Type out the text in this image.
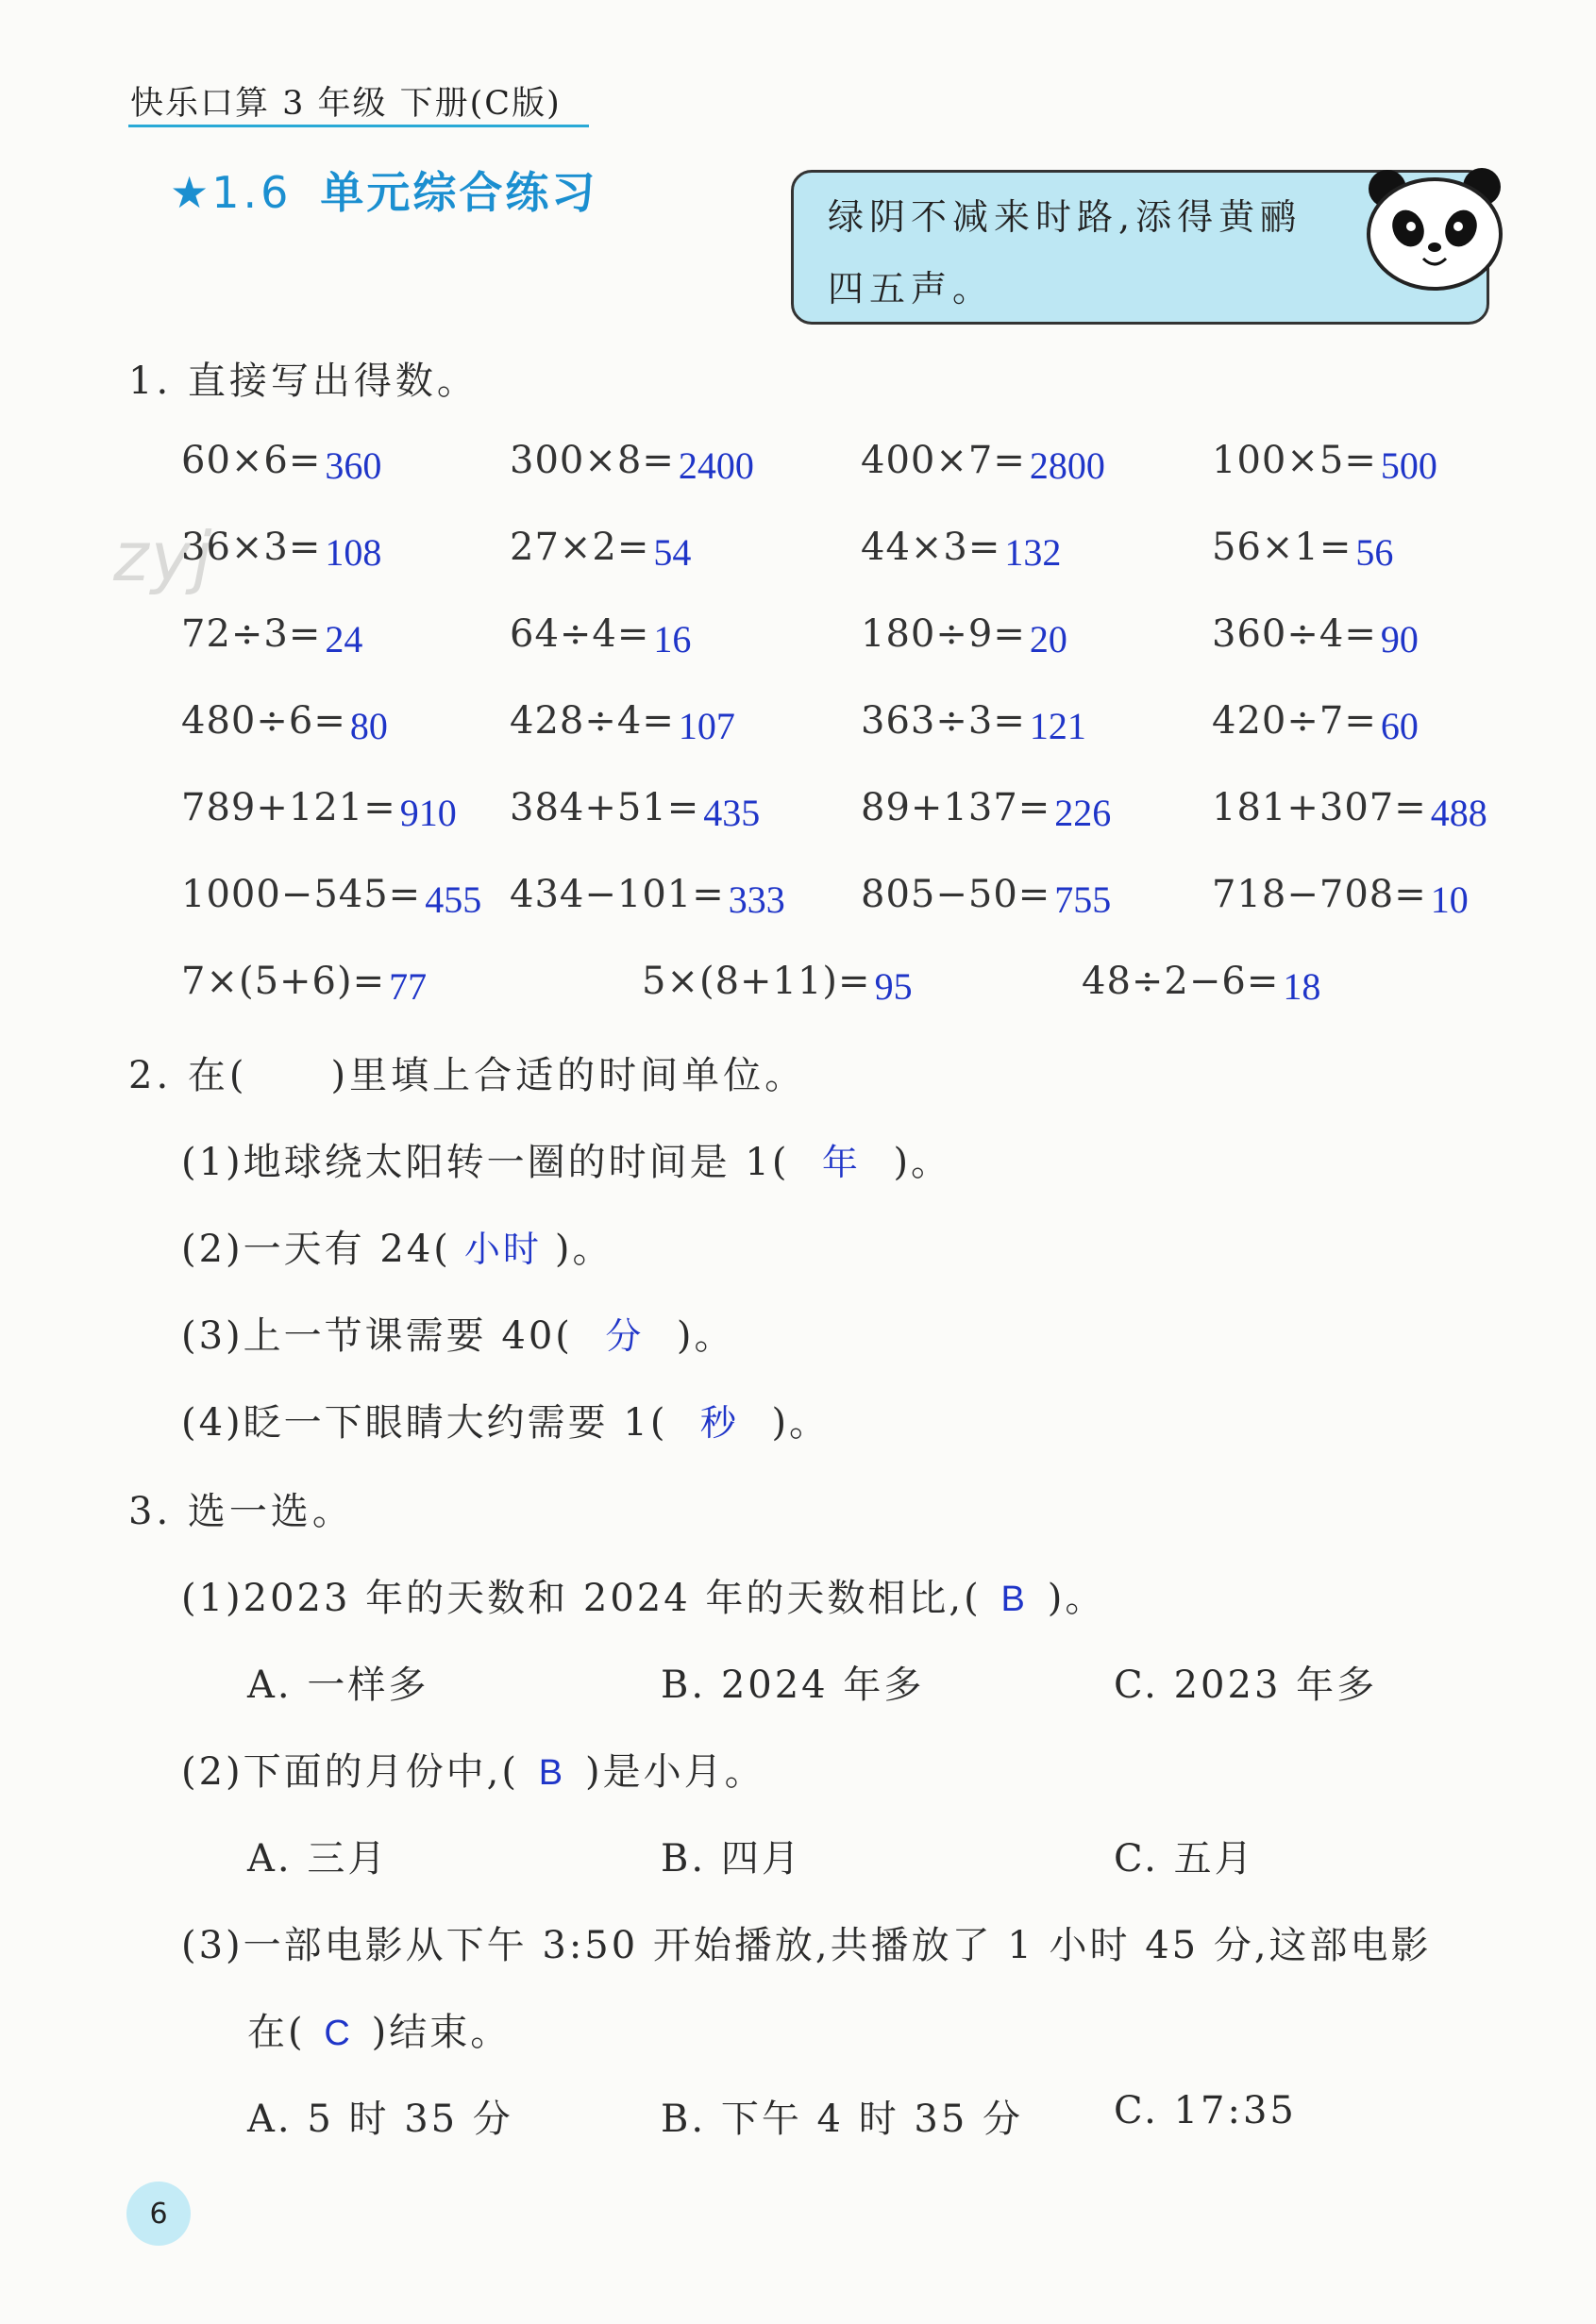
快乐口算 3 年级 下册(C版)
★1.6 单元综合练习	绿阴不减来时路,添得黄鹂
四五声。
zyj
1. 直接写出得数。
60×6= 360	300×8= 2400	400×7= 2800	100×5= 500
36×3= 108	27×2= 54	44×3= 132	56×1= 56
72÷3= 24	64÷4= 16	180÷9= 20	360÷4= 90
480÷6= 80	428÷4= 107	363÷3= 121	420÷7= 60
789+121= 910 384+51= 435	89+137= 226	181+307= 488
1000−545= 455 434−101= 333 805−50= 755	718−708= 10
7×(5+6)= 77	5×(8+11)= 95	48÷2−6= 18
2. 在(　　)里填上合适的时间单位。
(1)地球绕太阳转一圈的时间是 1( 年 )。
(2)一天有 24( 小时 )。
(3)上一节课需要 40( 分 )。
(4)眨一下眼睛大约需要 1( 秒 )。
3. 选一选。
(1)2023 年的天数和 2024 年的天数相比,( B )。
A. 一样多	B. 2024 年多	C. 2023 年多
(2)下面的月份中,( B )是小月。
A. 三月	B. 四月	C. 五月
(3)一部电影从下午 3:50 开始播放,共播放了 1 小时 45 分,这部电影
在( C )结束。
A. 5 时 35 分	B. 下午 4 时 35 分 C. 17:35
6
